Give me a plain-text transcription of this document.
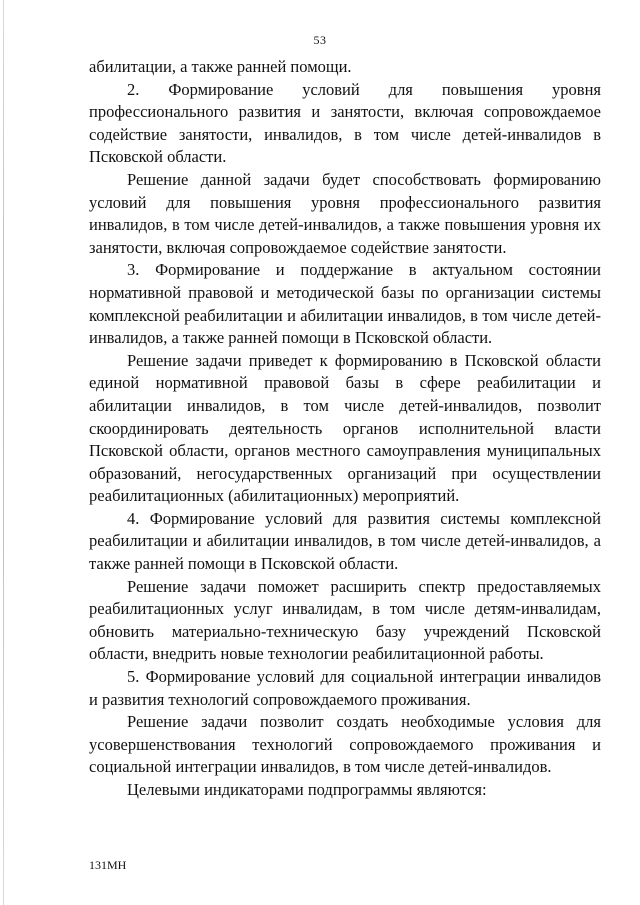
53

абилитации, а также ранней помощи.

2. Формирование условий для повышения уровня профессионального развития и занятости, включая сопровождаемое содействие занятости, инвалидов, в том числе детей-инвалидов в Псковской области.

Решение данной задачи будет способствовать формированию условий для повышения уровня профессионального развития инвалидов, в том числе детей-инвалидов, а также повышения уровня их занятости, включая сопровождаемое содействие занятости.

3. Формирование и поддержание в актуальном состоянии нормативной правовой и методической базы по организации системы комплексной реабилитации и абилитации инвалидов, в том числе детей-инвалидов, а также ранней помощи в Псковской области.

Решение задачи приведет к формированию в Псковской области единой нормативной правовой базы в сфере реабилитации и абилитации инвалидов, в том числе детей-инвалидов, позволит скоординировать деятельность органов исполнительной власти Псковской области, органов местного самоуправления муниципальных образований, негосударственных организаций при осуществлении реабилитационных (абилитационных) мероприятий.

4. Формирование условий для развития системы комплексной реабилитации и абилитации инвалидов, в том числе детей-инвалидов, а также ранней помощи в Псковской области.

Решение задачи поможет расширить спектр предоставляемых реабилитационных услуг инвалидам, в том числе детям-инвалидам, обновить материально-техническую базу учреждений Псковской области, внедрить новые технологии реабилитационной работы.

5. Формирование условий для социальной интеграции инвалидов и развития технологий сопровождаемого проживания.

Решение задачи позволит создать необходимые условия для усовершенствования технологий сопровождаемого проживания и социальной интеграции инвалидов, в том числе детей-инвалидов.

Целевыми индикаторами подпрограммы являются:

131МН
